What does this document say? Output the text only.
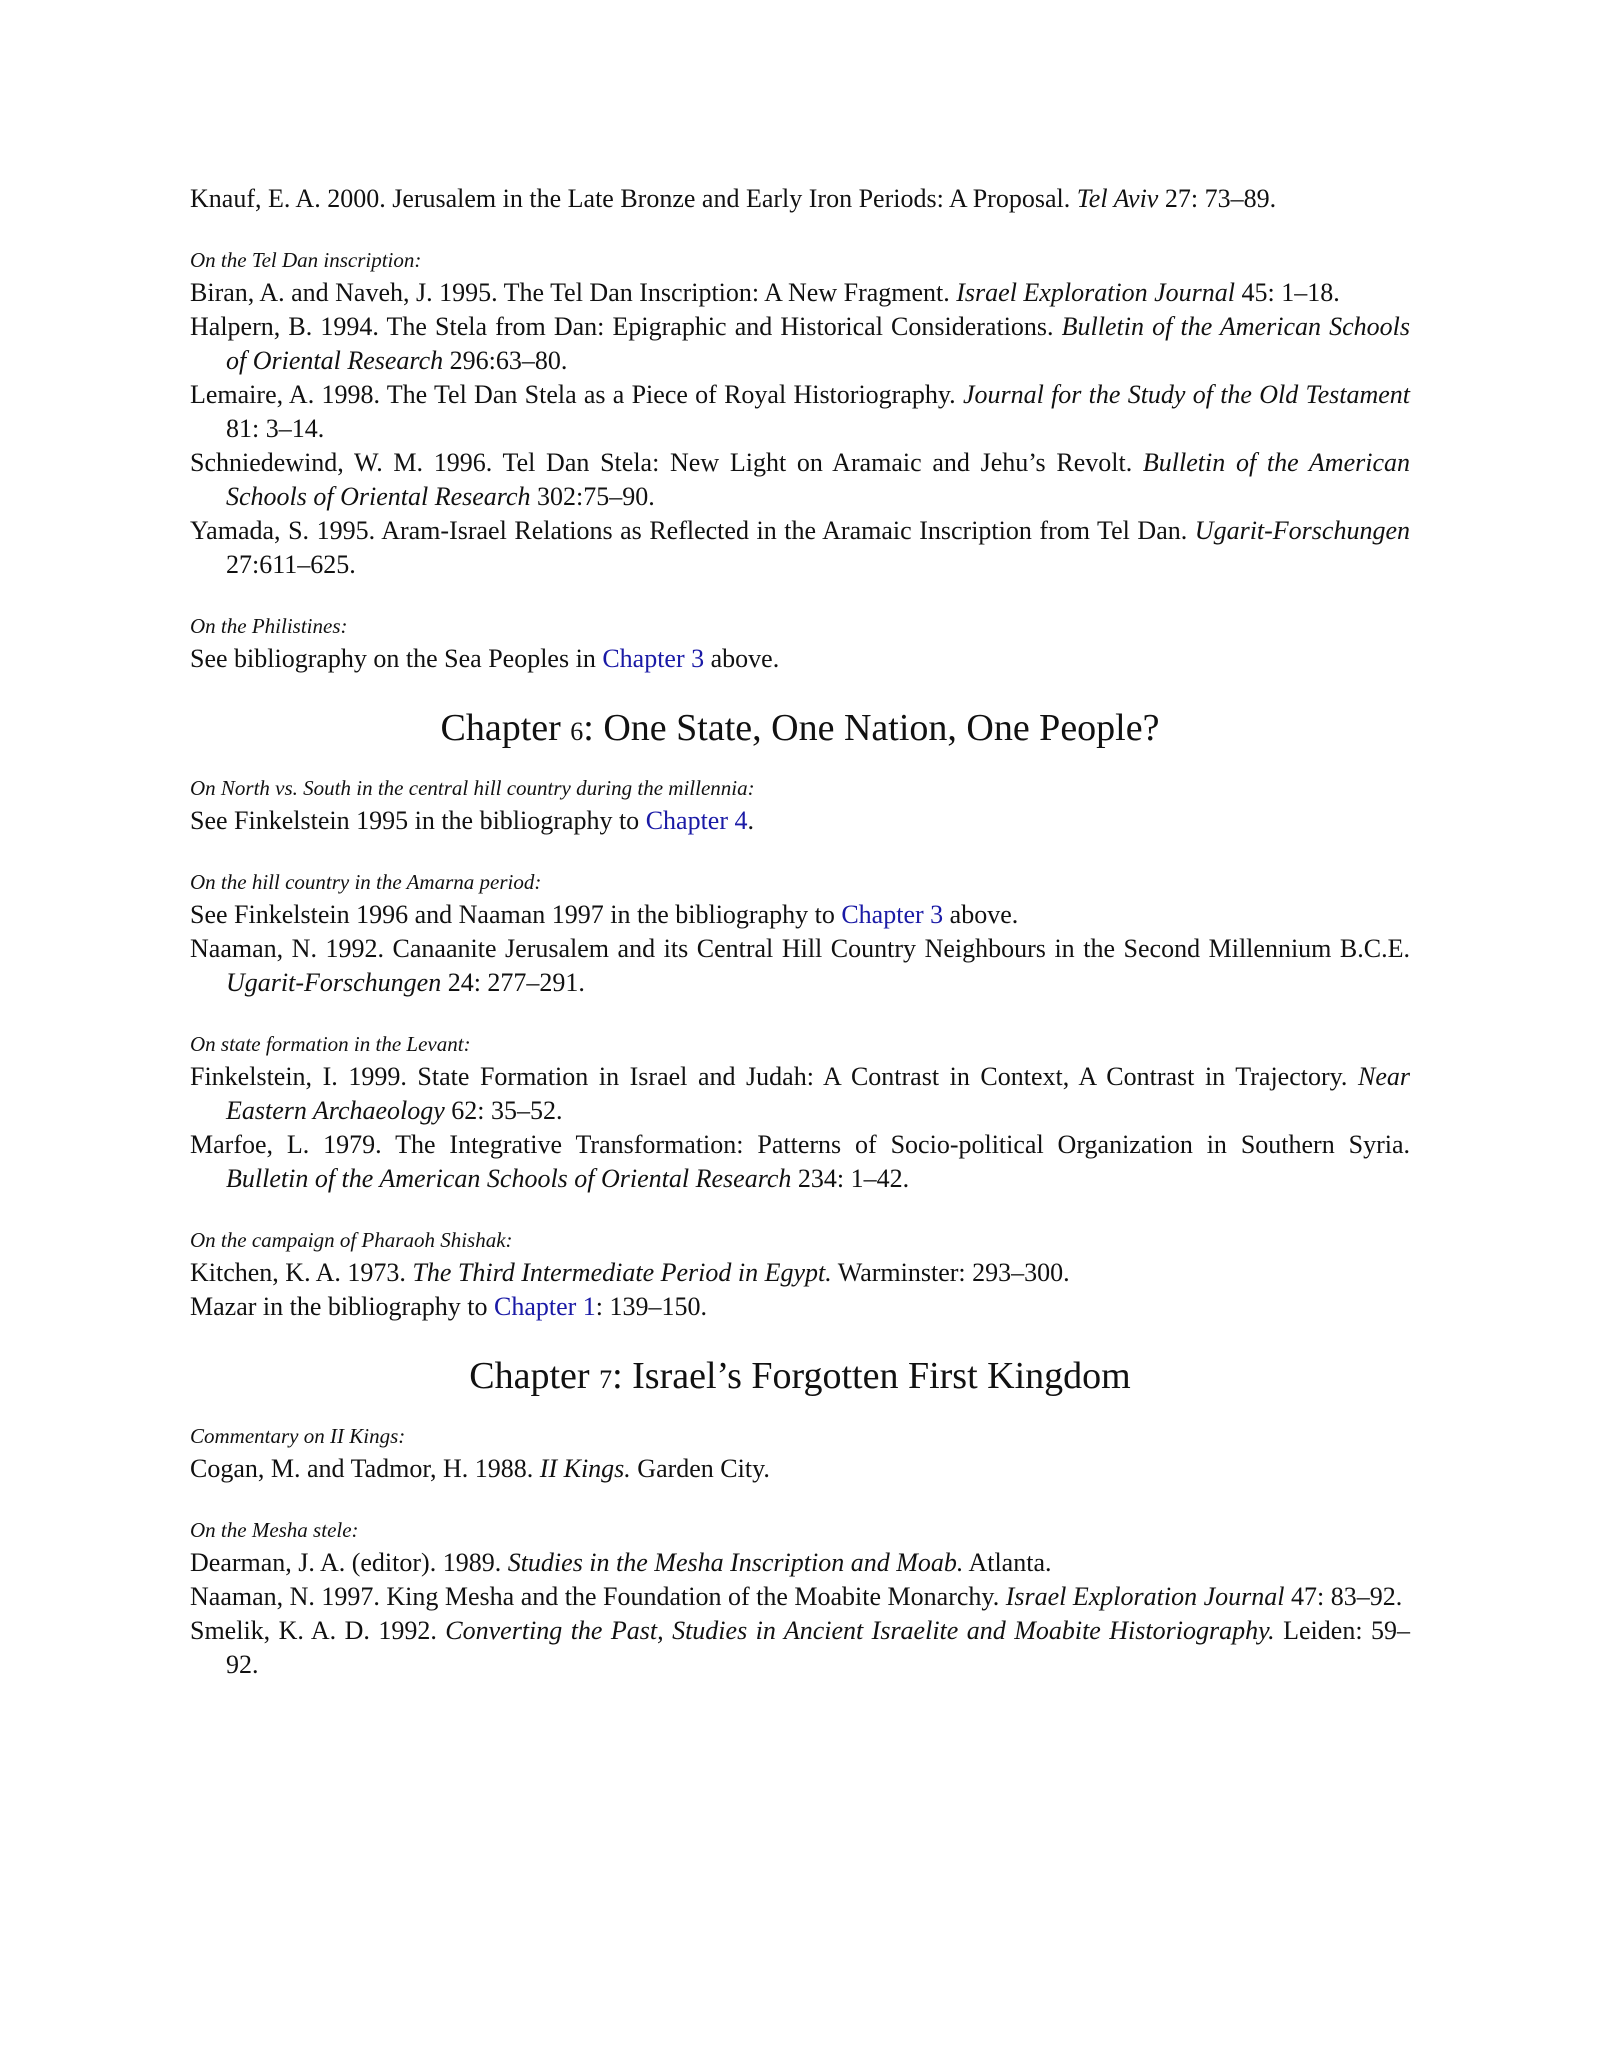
Knauf, E. A. 2000. Jerusalem in the Late Bronze and Early Iron Periods: A Proposal. Tel Aviv 27: 73–89.

On the Tel Dan inscription:

Biran, A. and Naveh, J. 1995. The Tel Dan Inscription: A New Fragment. Israel Exploration Journal 45: 1–18.

Halpern, B. 1994. The Stela from Dan: Epigraphic and Historical Considerations. Bulletin of the American Schools of Oriental Research 296:63–80.

Lemaire, A. 1998. The Tel Dan Stela as a Piece of Royal Historiography. Journal for the Study of the Old Testament 81: 3–14.

Schniedewind, W. M. 1996. Tel Dan Stela: New Light on Aramaic and Jehu’s Revolt. Bulletin of the American Schools of Oriental Research 302:75–90.

Yamada, S. 1995. Aram-Israel Relations as Reflected in the Aramaic Inscription from Tel Dan. Ugarit-Forschungen 27:611–625.

On the Philistines:

See bibliography on the Sea Peoples in Chapter 3 above.

Chapter 6: One State, One Nation, One People?
On North vs. South in the central hill country during the millennia:

See Finkelstein 1995 in the bibliography to Chapter 4.

On the hill country in the Amarna period:

See Finkelstein 1996 and Naaman 1997 in the bibliography to Chapter 3 above.

Naaman, N. 1992. Canaanite Jerusalem and its Central Hill Country Neighbours in the Second Millennium B.C.E. Ugarit-Forschungen 24: 277–291.

On state formation in the Levant:

Finkelstein, I. 1999. State Formation in Israel and Judah: A Contrast in Context, A Contrast in Trajectory. Near Eastern Archaeology 62: 35–52.

Marfoe, L. 1979. The Integrative Transformation: Patterns of Socio-political Organization in Southern Syria. Bulletin of the American Schools of Oriental Research 234: 1–42.

On the campaign of Pharaoh Shishak:

Kitchen, K. A. 1973. The Third Intermediate Period in Egypt. Warminster: 293–300.

Mazar in the bibliography to Chapter 1: 139–150.

Chapter 7: Israel’s Forgotten First Kingdom
Commentary on II Kings:

Cogan, M. and Tadmor, H. 1988. II Kings. Garden City.

On the Mesha stele:

Dearman, J. A. (editor). 1989. Studies in the Mesha Inscription and Moab. Atlanta.

Naaman, N. 1997. King Mesha and the Foundation of the Moabite Monarchy. Israel Exploration Journal 47: 83–92.

Smelik, K. A. D. 1992. Converting the Past, Studies in Ancient Israelite and Moabite Historiography. Leiden: 59–92.
